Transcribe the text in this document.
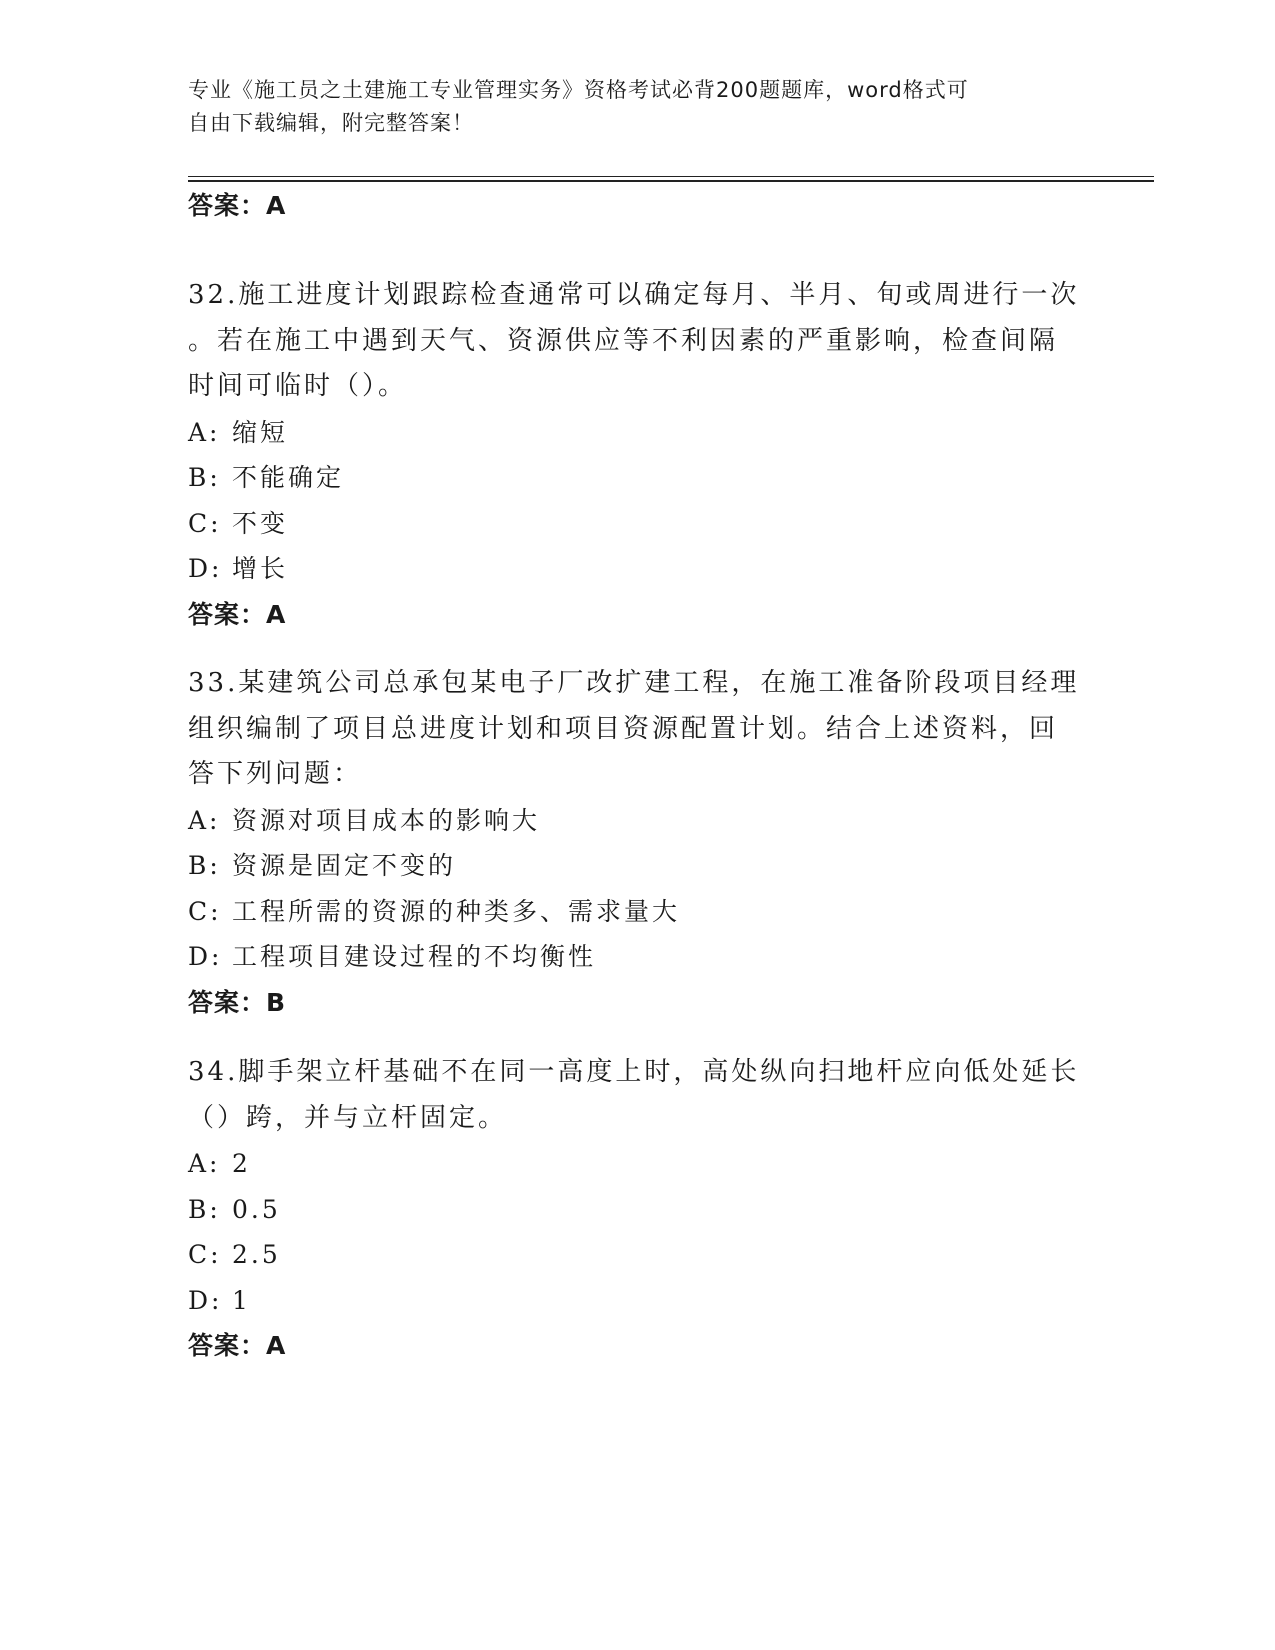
专业《施工员之土建施工专业管理实务》资格考试必背200题题库，word格式可
自由下载编辑，附完整答案！
答案：A
32.施工进度计划跟踪检查通常可以确定每月、半月、旬或周进行一次
。若在施工中遇到天气、资源供应等不利因素的严重影响，检查间隔
时间可临时（）。
A: 缩短
B: 不能确定
C: 不变
D: 增长
答案：A
33.某建筑公司总承包某电子厂改扩建工程，在施工准备阶段项目经理
组织编制了项目总进度计划和项目资源配置计划。结合上述资料，回
答下列问题：
A: 资源对项目成本的影响大
B: 资源是固定不变的
C: 工程所需的资源的种类多、需求量大
D: 工程项目建设过程的不均衡性
答案：B
34.脚手架立杆基础不在同一高度上时，高处纵向扫地杆应向低处延长
（）跨，并与立杆固定。
A: 2
B: 0.5
C: 2.5
D: 1
答案：A
